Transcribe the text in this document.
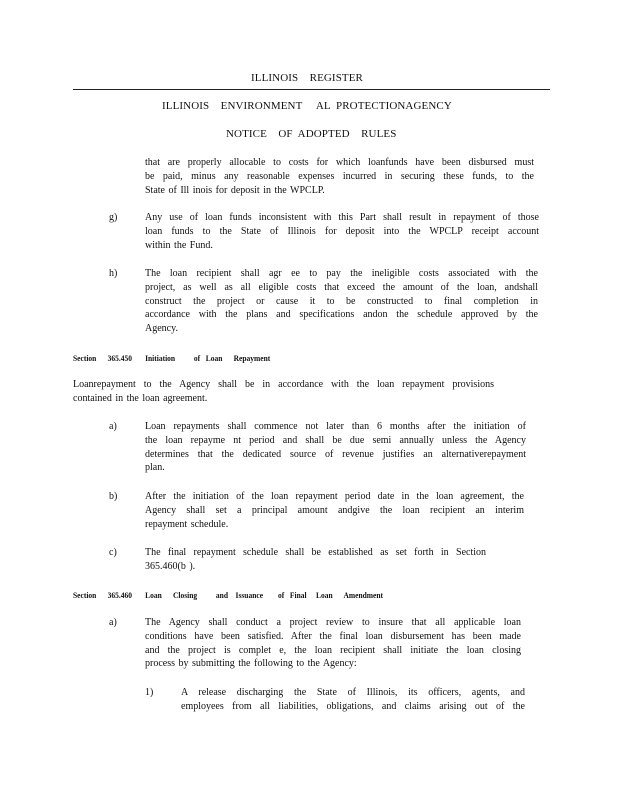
ILLINOIS    REGISTER
ILLINOIS    ENVIRONMENT     AL  PROTECTIONAGENCY
NOTICE    OF  ADOPTED    RULES

that are properly allocable to costs for which loanfunds have been disbursed must

be paid, minus any reasonable expenses incurred in securing these funds, to the

State of Ill inois for deposit in the WPCLP.

g)	Any use of loan funds inconsistent with this Part shall result in repayment of those

loan funds to the State of Illinois for deposit into the WPCLP receipt account

within the Fund.

h)	The loan recipient shall agr ee to pay the ineligible costs associated with the

project, as well as all eligible costs that exceed the amount of the loan, andshall

construct the project or cause it to be constructed to final completion in

accordance with the plans and specifications andon the schedule approved by the

Agency.

Section      365.450       Initiation          of   Loan      Repayment

Loanrepayment to the Agency shall be in accordance with the loan repayment provisions

contained in the loan agreement.

a)	Loan repayments shall commence not later than 6 months after the initiation of

the loan repayme nt period and shall be due semi annually unless the Agency

determines that the dedicated source of revenue justifies an alternativerepayment

plan.

b)	After the initiation of the loan repayment period date in the loan agreement, the

Agency shall set a principal amount andgive the loan recipient an interim

repayment schedule.

c)	The final repayment schedule shall be established as set forth in Section

365.460(b ).

Section      365.460       Loan      Closing          and    Issuance        of   Final     Loan      Amendment
a)	The Agency shall conduct a project review to insure that all applicable loan

conditions have been satisfied. After the final loan disbursement has been made

and the project is complet e, the loan recipient shall initiate the loan closing

process by submitting the following to the Agency:

1)	A release discharging the State of Illinois, its officers, agents, and

employees from all liabilities, obligations, and claims arising out of the
